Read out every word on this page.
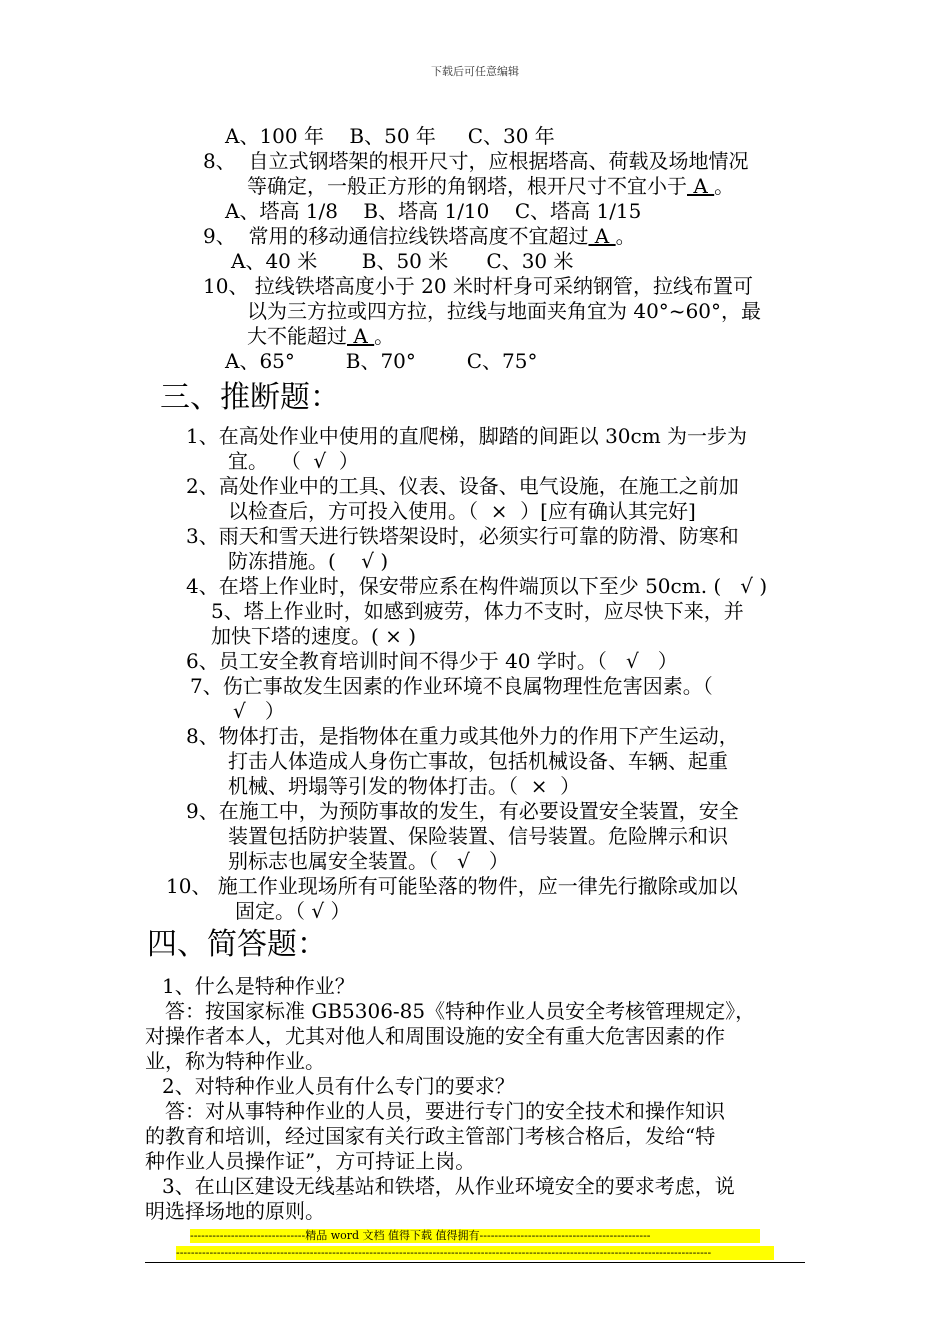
下载后可任意编辑
A、100 年    B、50 年     C、30 年
8、  自立式钢塔架的根开尺寸，应根据塔高、荷载及场地情况
等确定，一般正方形的角钢塔，根开尺寸不宜小于 A 。
A、塔高 1/8    B、塔高 1/10    C、塔高 1/15
9、  常用的移动通信拉线铁塔高度不宜超过 A 。
A、40 米       B、50 米      C、30 米
10、 拉线铁塔高度小于 20 米时杆身可采纳钢管，拉线布置可
以为三方拉或四方拉，拉线与地面夹角宜为 40°~60°，最
大不能超过 A 。
A、65°        B、70°        C、75°
三、推断题：
1、在高处作业中使用的直爬梯，脚踏的间距以 30cm 为一步为
宜。  （  √  ）
2、高处作业中的工具、仪表、设备、电气设施，在施工之前加
以检查后，方可投入使用。（  ×  ）[应有确认其完好]
3、雨天和雪天进行铁塔架设时，必须实行可靠的防滑、防寒和
防冻措施。(    √ )
4、在塔上作业时，保安带应系在构件端顶以下至少 50cm. (   √ )
5、塔上作业时，如感到疲劳，体力不支时，应尽快下来，并
加快下塔的速度。( × )
6、员工安全教育培训时间不得少于 40 学时。（   √   ）
7、伤亡事故发生因素的作业环境不良属物理性危害因素。（
√   ）
8、物体打击，是指物体在重力或其他外力的作用下产生运动，
打击人体造成人身伤亡事故，包括机械设备、车辆、起重
机械、坍塌等引发的物体打击。（  ×  ）
9、在施工中，为预防事故的发生，有必要设置安全装置，安全
装置包括防护装置、保险装置、信号装置。危险牌示和识
别标志也属安全装置。（   √   ）
10、 施工作业现场所有可能坠落的物件，应一律先行撤除或加以
固定。（ √ ）
四、简答题：
1、什么是特种作业？
答：按国家标准 GB5306-85《特种作业人员安全考核管理规定》，
对操作者本人，尤其对他人和周围设施的安全有重大危害因素的作
业，称为特种作业。
2、对特种作业人员有什么专门的要求？
答：对从事特种作业的人员，要进行专门的安全技术和操作知识
的教育和培训，经过国家有关行政主管部门考核合格后，发给“特
种作业人员操作证”，方可持证上岗。
3、在山区建设无线基站和铁塔，从作业环境安全的要求考虑，说
明选择场地的原则。
-------------------------------精品 word 文档 值得下载 值得拥有----------------------------------------------
------------------------------------------------------------------------------------------------------------------------------------------------
